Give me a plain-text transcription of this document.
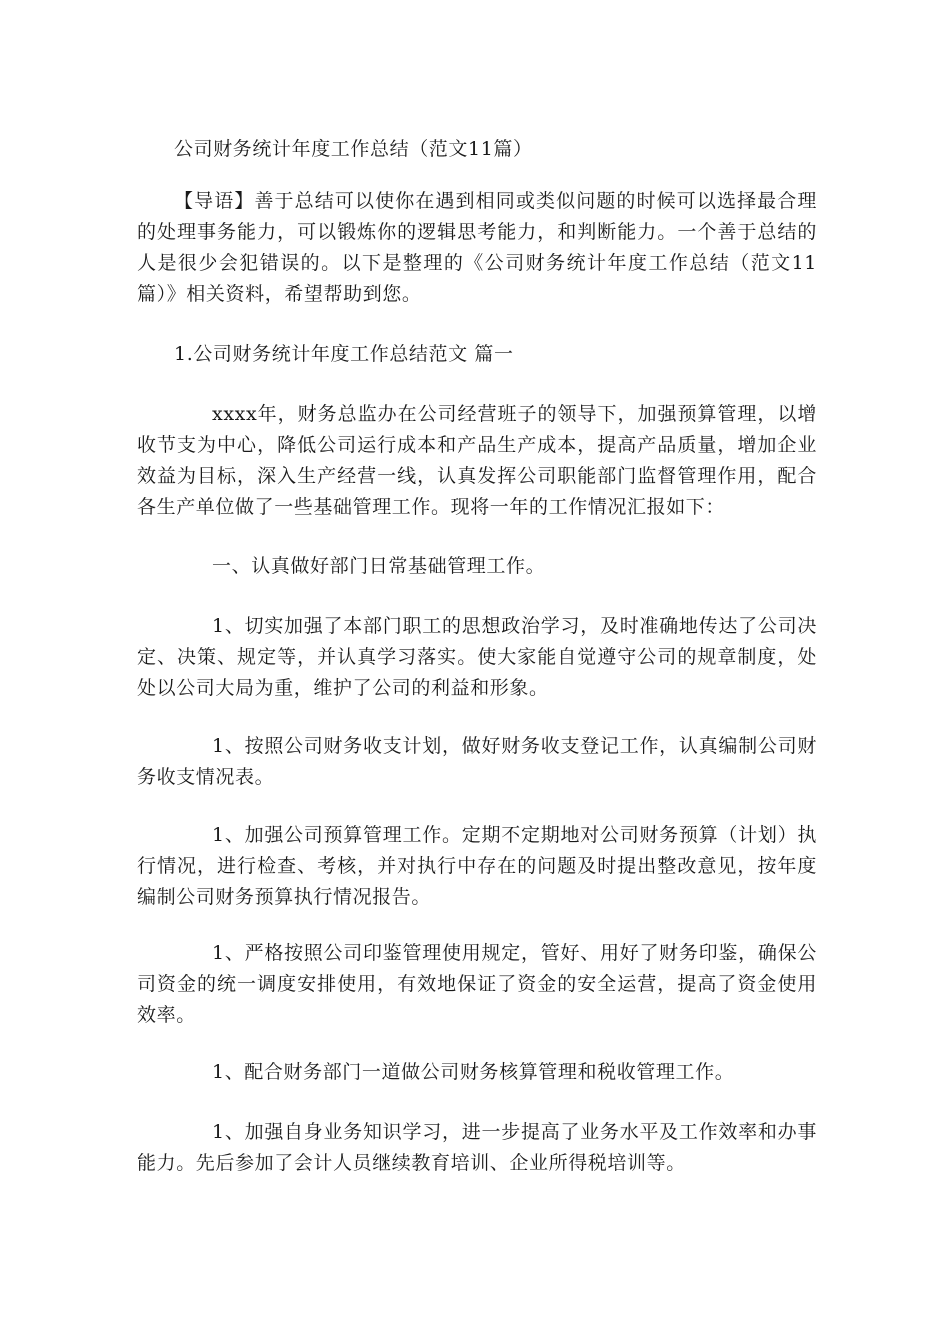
公司财务统计年度工作总结（范文11篇）

【导语】善于总结可以使你在遇到相同或类似问题的时候可以选择最合理的处理事务能力，可以锻炼你的逻辑思考能力，和判断能力。一个善于总结的人是很少会犯错误的。以下是整理的《公司财务统计年度工作总结（范文11篇）》相关资料，希望帮助到您。

1.公司财务统计年度工作总结范文 篇一

xxxx年，财务总监办在公司经营班子的领导下，加强预算管理，以增收节支为中心，降低公司运行成本和产品生产成本，提高产品质量，增加企业效益为目标，深入生产经营一线，认真发挥公司职能部门监督管理作用，配合各生产单位做了一些基础管理工作。现将一年的工作情况汇报如下：

一、认真做好部门日常基础管理工作。

1、切实加强了本部门职工的思想政治学习，及时准确地传达了公司决定、决策、规定等，并认真学习落实。使大家能自觉遵守公司的规章制度，处处以公司大局为重，维护了公司的利益和形象。

1、按照公司财务收支计划，做好财务收支登记工作，认真编制公司财务收支情况表。

1、加强公司预算管理工作。定期不定期地对公司财务预算（计划）执行情况，进行检查、考核，并对执行中存在的问题及时提出整改意见，按年度编制公司财务预算执行情况报告。

1、严格按照公司印鉴管理使用规定，管好、用好了财务印鉴，确保公司资金的统一调度安排使用，有效地保证了资金的安全运营，提高了资金使用效率。

1、配合财务部门一道做公司财务核算管理和税收管理工作。

1、加强自身业务知识学习，进一步提高了业务水平及工作效率和办事能力。先后参加了会计人员继续教育培训、企业所得税培训等。
